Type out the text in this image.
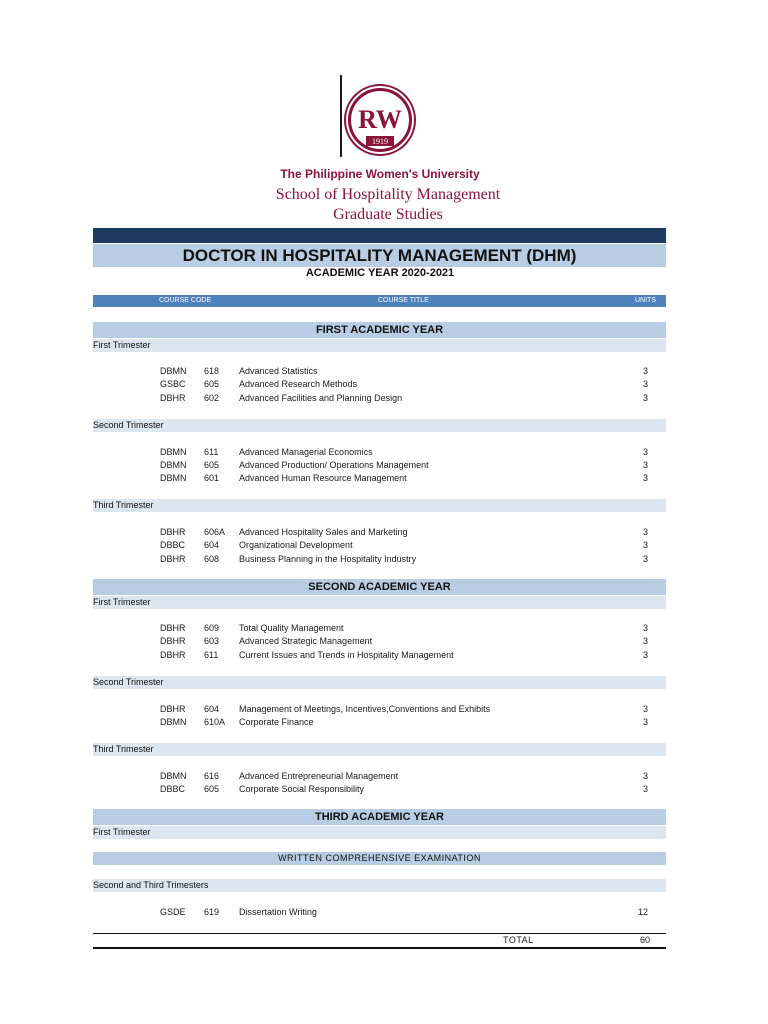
RW
1919
The Philippine Women's University
School of Hospitality Management
Graduate Studies
DOCTOR IN HOSPITALITY MANAGEMENT (DHM)
ACADEMIC YEAR 2020-2021
COURSE CODE	COURSE TITLE	UNITS
FIRST ACADEMIC YEAR
First Trimester
DBMN 618 Advanced Statistics	3
GSBC 605 Advanced Research Methods	3
DBHR 602 Advanced Facilities and Planning Design	3
Second Trimester
DBMN 611 Advanced Managerial Economics	3
DBMN 605 Advanced Production/ Operations Management	3
DBMN 601 Advanced Human Resource Management	3
Third Trimester
DBHR 606A Advanced Hospitality Sales and Marketing	3
DBBC 604 Organizational Development	3
DBHR 608 Business Planning in the Hospitality Industry	3
SECOND ACADEMIC YEAR
First Trimester
DBHR 609 Total Quality Management	3
DBHR 603 Advanced Strategic Management	3
DBHR 611 Current Issues and Trends in Hospitality Management	3
Second Trimester
DBHR 604 Management of Meetings, Incentives,Conventions and Exhibits	3
DBMN 610A Corporate Finance	3
Third Trimester
DBMN 616 Advanced Entrepreneurial Management	3
DBBC 605 Corporate Social Responsibility	3
THIRD ACADEMIC YEAR
First Trimester
WRITTEN COMPREHENSIVE EXAMINATION
Second and Third Trimesters
GSDE 619 Dissertation Writing	12
TOTAL	60
